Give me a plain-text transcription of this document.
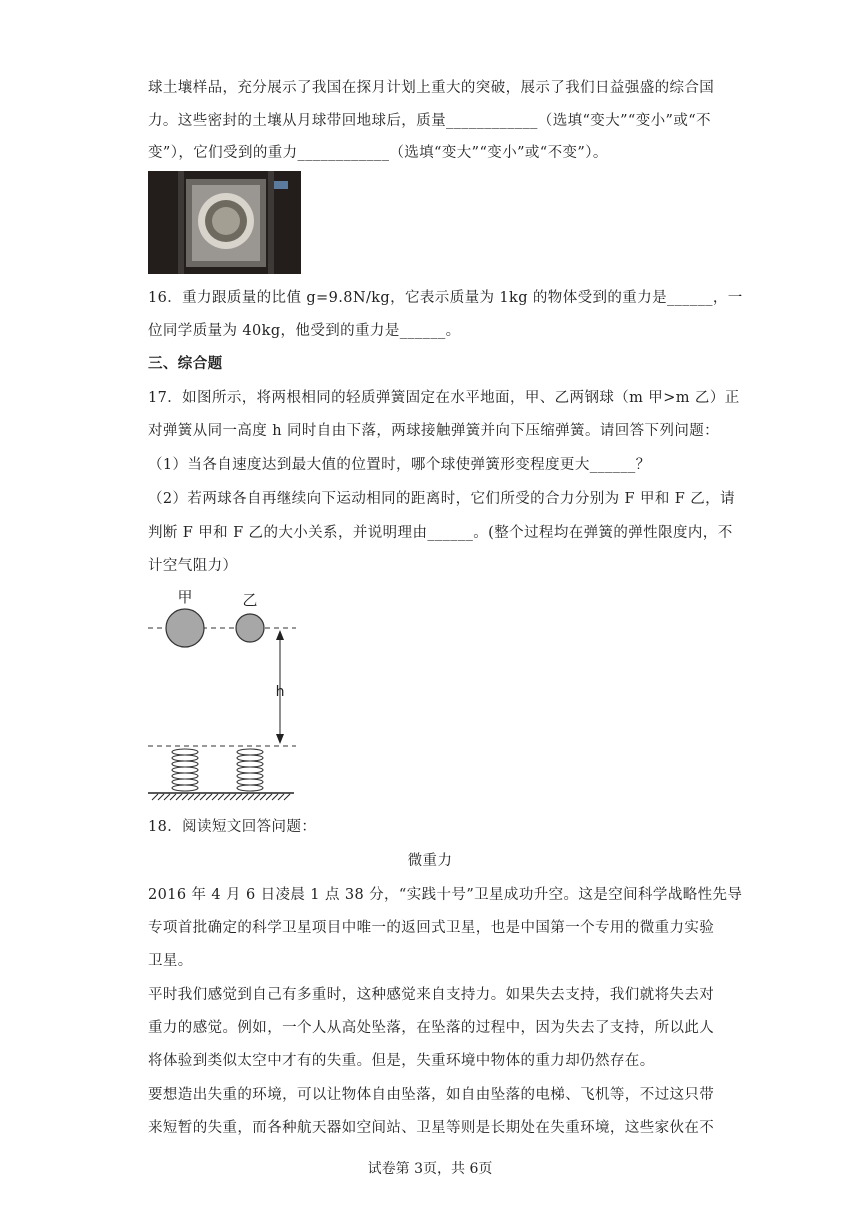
球土壤样品，充分展示了我国在探月计划上重大的突破，展示了我们日益强盛的综合国
力。这些密封的土壤从月球带回地球后，质量____________（选填“变大”“变小”或“不
变”），它们受到的重力____________（选填“变大”“变小”或“不变”）。
16．重力跟质量的比值 g=9.8N/kg，它表示质量为 1kg 的物体受到的重力是______，一
位同学质量为 40kg，他受到的重力是______。
三、综合题
17．如图所示，将两根相同的轻质弹簧固定在水平地面，甲、乙两钢球（m 甲>m 乙）正
对弹簧从同一高度 h 同时自由下落，两球接触弹簧并向下压缩弹簧。请回答下列问题：
（1）当各自速度达到最大值的位置时，哪个球使弹簧形变程度更大______？
（2）若两球各自再继续向下运动相同的距离时，它们所受的合力分别为 F 甲和 F 乙，请
判断 F 甲和 F 乙的大小关系，并说明理由______。(整个过程均在弹簧的弹性限度内，不
计空气阻力）
甲	乙
h
18．阅读短文回答问题：
微重力
2016 年 4 月 6 日凌晨 1 点 38 分，“实践十号”卫星成功升空。这是空间科学战略性先导
专项首批确定的科学卫星项目中唯一的返回式卫星，也是中国第一个专用的微重力实验
卫星。
平时我们感觉到自己有多重时，这种感觉来自支持力。如果失去支持，我们就将失去对
重力的感觉。例如，一个人从高处坠落，在坠落的过程中，因为失去了支持，所以此人
将体验到类似太空中才有的失重。但是，失重环境中物体的重力却仍然存在。
要想造出失重的环境，可以让物体自由坠落，如自由坠落的电梯、飞机等，不过这只带
来短暂的失重，而各种航天器如空间站、卫星等则是长期处在失重环境，这些家伙在不
试卷第 3页，共 6页
